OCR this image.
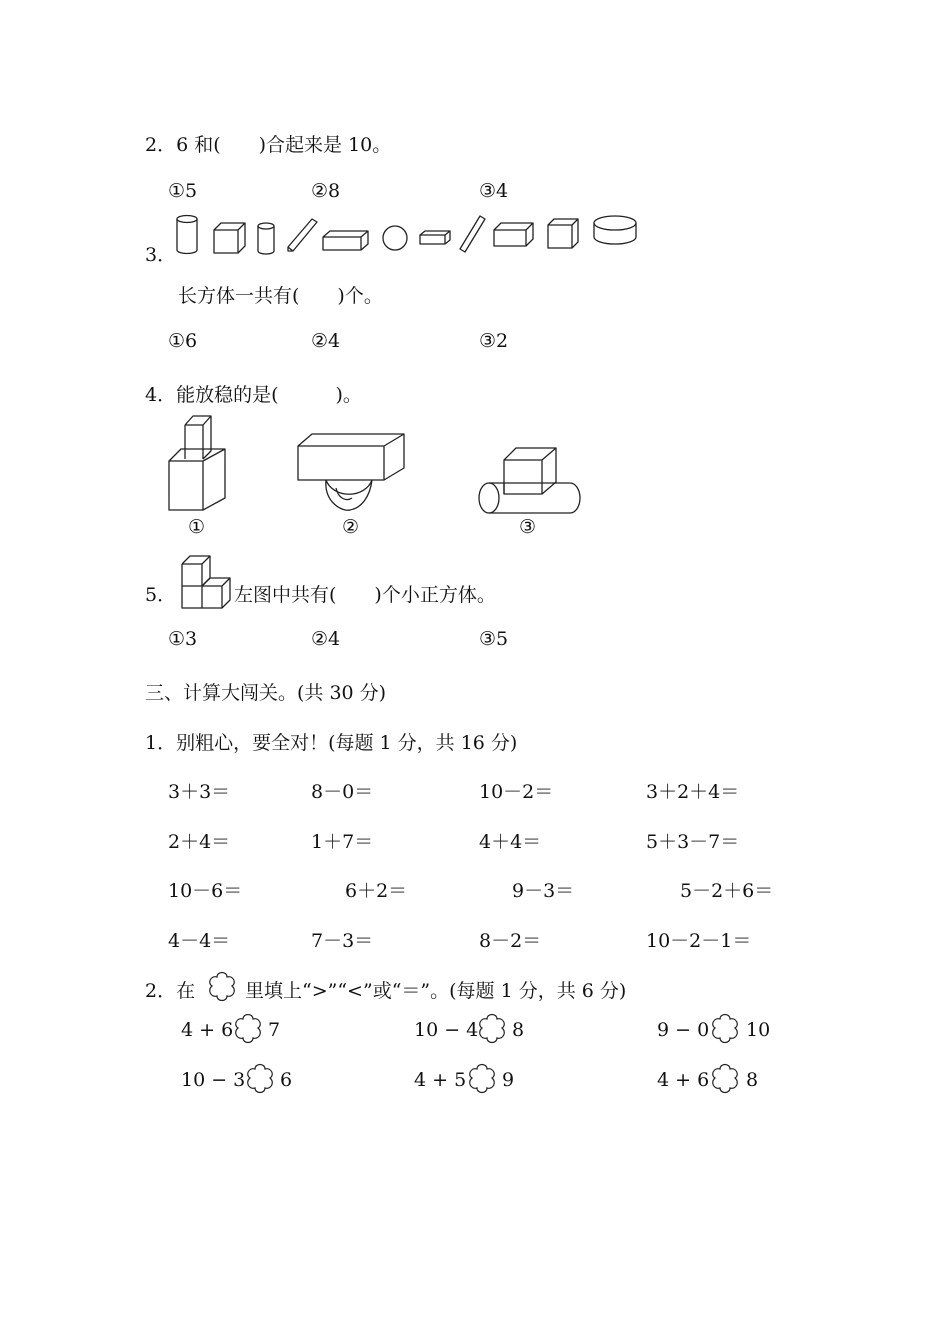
2．6 和(　　)合起来是 10。
①5	②8	③4
3．
长方体一共有(　　)个。
①6	②4	③2
4．能放稳的是(　　　)。
①	②	③
5．	左图中共有(　　)个小正方体。
①3	②4	③5
三、计算大闯关。(共 30 分)
1．别粗心，要全对！(每题 1 分，共 16 分)
3＋3＝	8－0＝	10－2＝	3＋2＋4＝
2＋4＝	1＋7＝	4＋4＝	5＋3－7＝
10－6＝	6＋2＝	9－3＝	5－2＋6＝
4－4＝	7－3＝	8－2＝	10－2－1＝
2．在	里填上“>”“<”或“＝”。(每题 1 分，共 6 分)
4 + 6 7	10 − 4 8	9 − 0 10
10 − 3 6	4 + 5 9	4 + 6 8
